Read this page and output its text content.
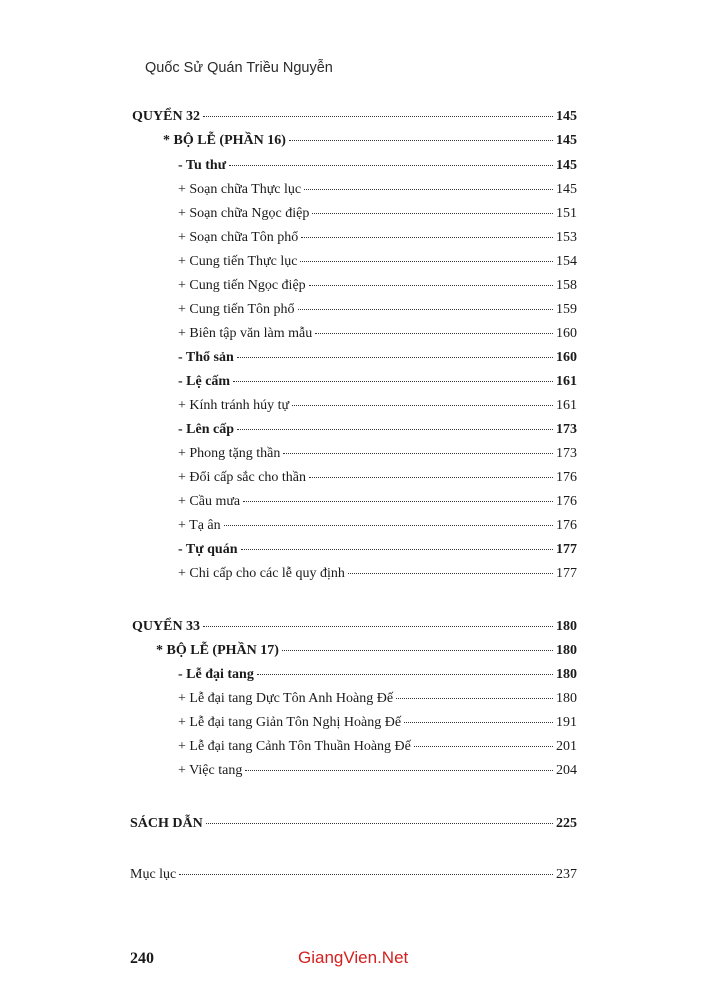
Quốc Sử Quán Triều Nguyễn
QUYỂN 32	145
* BỘ LỄ (PHẦN 16)	145
- Tu thư	145
+ Soạn chữa Thực lục	145
+ Soạn chữa Ngọc điệp	151
+ Soạn chữa Tôn phổ	153
+ Cung tiến Thực lục	154
+ Cung tiến Ngọc điệp	158
+ Cung tiến Tôn phổ	159
+ Biên tập văn làm mẫu	160
- Thổ sản	160
- Lệ cấm	161
+ Kính tránh húy tự	161
- Lên cấp	173
+ Phong tặng thần	173
+ Đổi cấp sắc cho thần	176
+ Cầu mưa	176
+ Tạ ân	176
- Tự quán	177
+ Chi cấp cho các lễ quy định	177
QUYỂN 33	180
* BỘ LỄ (PHẦN 17)	180
- Lễ đại tang	180
+ Lễ đại tang Dực Tôn Anh Hoàng Đế	180
+ Lễ đại tang Giản Tôn Nghị Hoàng Đế	191
+ Lễ đại tang Cảnh Tôn Thuần Hoàng Đế	201
+ Việc tang	204
SÁCH DẪN	225
Mục lục	237
240	GiangVien.Net
